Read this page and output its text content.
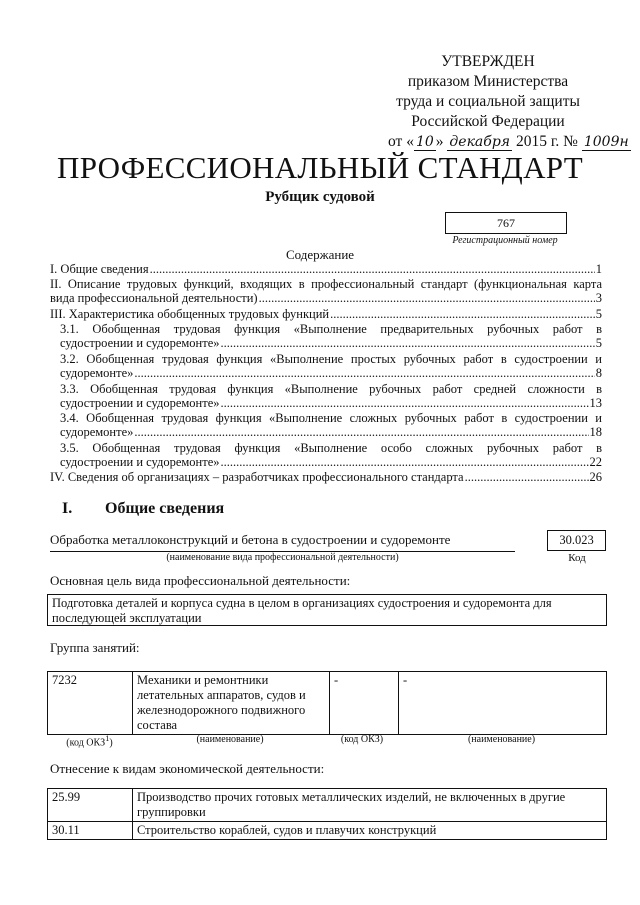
УТВЕРЖДЕН
приказом Министерства
труда и социальной защиты
Российской Федерации
от « 10 » декабря 2015 г. № 1009н
ПРОФЕССИОНАЛЬНЫЙ СТАНДАРТ
Рубщик судовой
767
Регистрационный номер
Содержание
I. Общие сведения .....	1
II. Описание трудовых функций, входящих в профессиональный стандарт (функциональная карта
вида профессиональной деятельности) .....	3
III. Характеристика обобщенных трудовых функций .....	5
3.1. Обобщенная трудовая функция «Выполнение предварительных рубочных работ в
судостроении и судоремонте» .....	5
3.2. Обобщенная трудовая функция «Выполнение простых рубочных работ в судостроении и
судоремонте» .....	8
3.3. Обобщенная трудовая функция «Выполнение рубочных работ средней сложности в
судостроении и судоремонте» .....	13
3.4. Обобщенная трудовая функция «Выполнение сложных рубочных работ в судостроении и
судоремонте» .....	18
3.5. Обобщенная трудовая функция «Выполнение особо сложных рубочных работ в
судостроении и судоремонте» .....	22
IV. Сведения об организациях – разработчиках профессионального стандарта .....	26
I. Общие сведения
Обработка металлоконструкций и бетона в судостроении и судоремонте	30.023
(наименование вида профессиональной деятельности)	Код
Основная цель вида профессиональной деятельности:
Подготовка деталей и корпуса судна в целом в организациях судостроения и судоремонта для последующей эксплуатации
Группа занятий:
7232	Механики и ремонтники летательных аппаратов, судов и железнодорожного подвижного состава	-	-
(код ОКЗ$^1$)	(наименование)	(код ОКЗ)	(наименование)
Отнесение к видам экономической деятельности:
25.99	Производство прочих готовых металлических изделий, не включенных в другие группировки
30.11	Строительство кораблей, судов и плавучих конструкций
